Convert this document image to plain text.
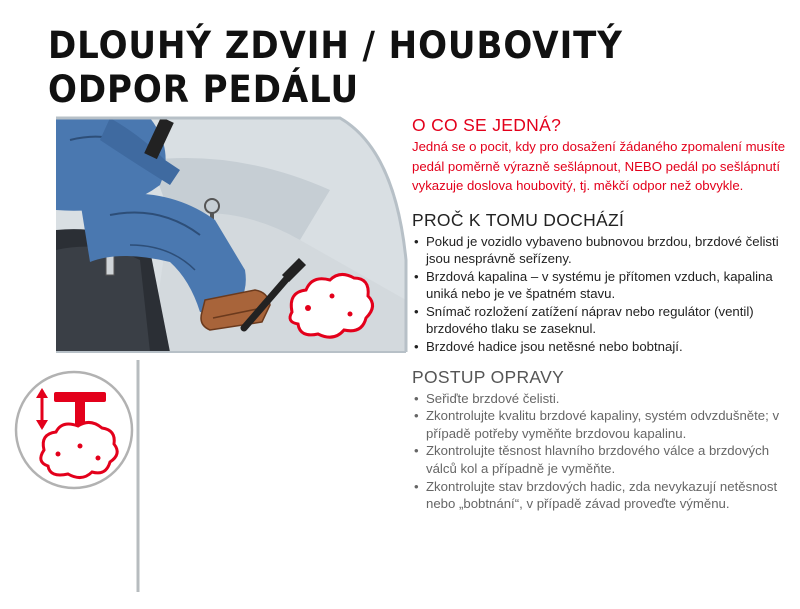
DLOUHÝ ZDVIH / HOUBOVITÝ
ODPOR PEDÁLU
O CO SE JEDNÁ?

Jedná se o pocit, kdy pro dosažení žádaného zpomalení musíte pedál poměrně výrazně sešlápnout, NEBO pedál po sešlápnutí vykazuje doslova houbovitý, tj. měkčí odpor než obvykle.

PROČ K TOMU DOCHÁZÍ
• Pokud je vozidlo vybaveno bubnovou brzdou, brzdové čelisti jsou nesprávně seřízeny.
• Brzdová kapalina – v systému je přítomen vzduch, kapalina uniká nebo je ve špatném stavu.
• Snímač rozložení zatížení náprav nebo regulátor (ventil) brzdového tlaku se zaseknul.
• Brzdové hadice jsou netěsné nebo bobtnají.
POSTUP OPRAVY
• Seřiďte brzdové čelisti.
• Zkontrolujte kvalitu brzdové kapaliny, systém odvzdušněte; v případě potřeby vyměňte brzdovou kapalinu.
• Zkontrolujte těsnost hlavního brzdového válce a brzdových válců kol a případně je vyměňte.
• Zkontrolujte stav brzdových hadic, zda nevykazují netěsnost nebo „bobtnání“, v případě závad proveďte výměnu.
